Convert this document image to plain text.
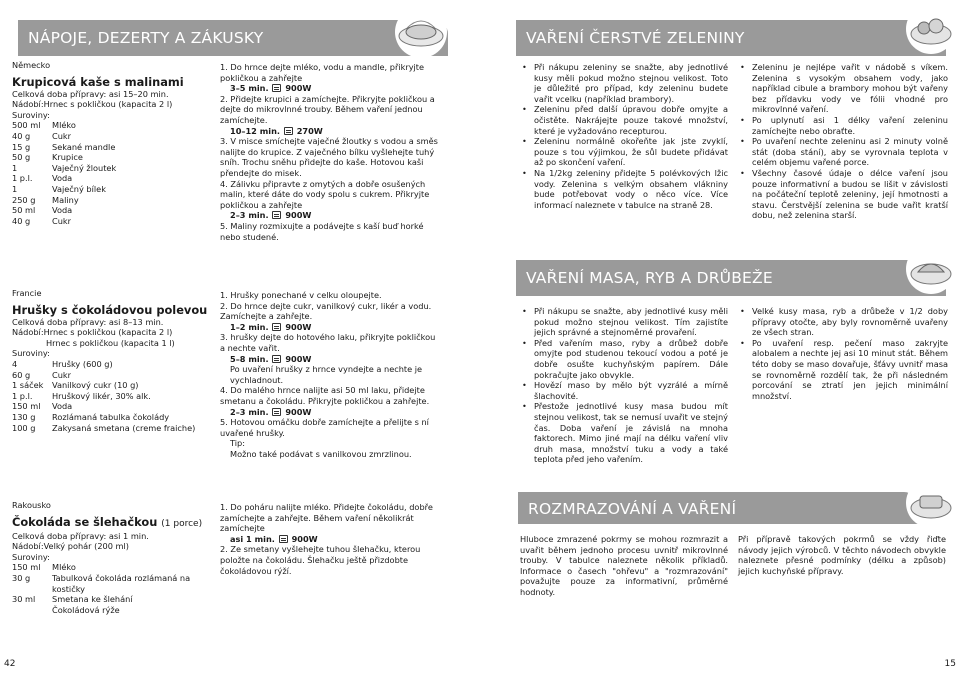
NÁPOJE, DEZERTY A ZÁKUSKY
Německo
Krupicová kaše s malinami
Celková doba přípravy: asi 15–20 min.
Nádobí:Hrnec s pokličkou (kapacita 2 l)
Suroviny:
500 ml	Mléko
40 g	Cukr
15 g	Sekané mandle
50 g	Krupice
1	Vaječný žloutek
1 p.l.	Voda
1	Vaječný bílek
250 g	Maliny
50 ml	Voda
40 g	Cukr

1. Do hrnce dejte mléko, vodu a mandle, přikryjte pokličkou a zahřejte

3–5 min.  900W

2. Přidejte krupici a zamíchejte. Přikryjte pokličkou a dejte do mikrovlnné trouby. Během vaření jednou zamíchejte.

10–12 min.  270W

3. V misce smíchejte vaječné žloutky s vodou a směs nalijte do krupice. Z vaječného bílku vyšlehejte tuhý sníh. Trochu sněhu přidejte do kaše. Hotovou kaši přendejte do misek.

4. Zálivku připravte z omytých a dobře osušených malin, které dáte do vody spolu s cukrem. Přikryjte pokličkou a zahřejte

2–3 min.  900W

5. Maliny rozmixujte a podávejte s kaší buď horké nebo studené.

Francie
Hrušky s čokoládovou polevou
Celková doba přípravy: asi 8–13 min.
Nádobí:Hrnec s pokličkou (kapacita 2 l)
Hrnec s pokličkou (kapacita 1 l)
Suroviny:
4	Hrušky (600 g)
60 g	Cukr
1 sáček	Vanilkový cukr (10 g)
1 p.l.	Hruškový likér, 30% alk.
150 ml	Voda
130 g	Rozlámaná tabulka čokolády
100 g	Zakysaná smetana (creme fraiche)

1. Hrušky ponechané v celku oloupejte.

2. Do hrnce dejte cukr, vanilkový cukr, likér a vodu. Zamíchejte a zahřejte.

1–2 min.  900W

3. hrušky dejte do hotového laku, přikryjte pokličkou a nechte vařit.

5–8 min.  900W

Po uvaření hrušky z hrnce vyndejte a nechte je vychladnout.

4. Do malého hrnce nalijte asi 50 ml laku, přidejte smetanu a čokoládu. Přikryjte pokličkou a zahřejte.

2–3 min.  900W

5. Hotovou omáčku dobře zamíchejte a přelijte s ní uvařené hrušky.

Tip:

Možno také podávat s vanilkovou zmrzlinou.

Rakousko
Čokoláda se šlehačkou (1 porce)
Celková doba přípravy: asi 1 min.
Nádobí:Velký pohár (200 ml)
Suroviny:
150 ml	Mléko
30 g	Tabulková čokoláda rozlámaná na kostičky
30 ml	Smetana ke šlehání
Čokoládová rýže

1. Do poháru nalijte mléko. Přidejte čokoládu, dobře zamíchejte a zahřejte. Během vaření několikrát zamíchejte

asi 1 min.  900W

2. Ze smetany vyšlehejte tuhou šlehačku, kterou položte na čokoládu. Šlehačku ještě přizdobte čokoládovou rýží.

42
VAŘENÍ ČERSTVÉ ZELENINY
• Při nákupu zeleniny se snažte, aby jednotlivé kusy měli pokud možno stejnou velikost. Toto je důležité pro případ, kdy zeleninu budete vařit vcelku (například brambory).
• Zeleninu před další úpravou dobře omyjte a očistěte. Nakrájejte pouze takové množství, které je vyžadováno recepturou.
• Zeleninu normálně okořeňte jak jste zvyklí, pouze s tou výjimkou, že sůl budete přidávat až po skončení vaření.
• Na 1/2kg zeleniny přidejte 5 polévkových lžic vody. Zelenina s velkým obsahem vlákniny bude potřebovat vody o něco více. Více informací naleznete v tabulce na straně 28.
• Zeleninu je nejlépe vařit v nádobě s víkem. Zelenina s vysokým obsahem vody, jako například cibule a brambory mohou být vařeny bez přídavku vody ve fólii vhodné pro mikrovlnné vaření.
• Po uplynutí asi 1 délky vaření zeleninu zamíchejte nebo obraťte.
• Po uvaření nechte zeleninu asi 2 minuty volně stát (doba stání), aby se vyrovnala teplota v celém objemu vařené porce.
• Všechny časové údaje o délce vaření jsou pouze informativní a budou se lišit v závislosti na počáteční teplotě zeleniny, její hmotnosti a stavu. Čerstvější zelenina se bude vařit kratší dobu, než zelenina starší.
VAŘENÍ MASA, RYB A DRŮBEŽE
• Při nákupu se snažte, aby jednotlivé kusy měli pokud možno stejnou velikost. Tím zajistíte jejich správné a stejnoměrné provaření.
• Před vařením maso, ryby a drůbež dobře omyjte pod studenou tekoucí vodou a poté je dobře osušte kuchyňským papírem. Dále pokračujte jako obvykle.
• Hovězí maso by mělo být vyzrálé a mírně šlachovité.
• Přestože jednotlivé kusy masa budou mít stejnou velikost, tak se nemusí uvařit ve stejný čas. Doba vaření je závislá na mnoha faktorech. Mimo jiné mají na délku vaření vliv druh masa, množství tuku a vody a také teplota před jeho vařením.
• Velké kusy masa, ryb a drůbeže v 1/2 doby přípravy otočte, aby byly rovnoměrně uvařeny ze všech stran.
• Po uvaření resp. pečení maso zakryjte alobalem a nechte jej asi 10 minut stát. Během této doby se maso dovařuje, šťávy uvnitř masa se rovnoměrně rozdělí tak, že při následném porcování se ztratí jen jejich minimální množství.
ROZMRAZOVÁNÍ A VAŘENÍ
Hluboce zmrazené pokrmy se mohou rozmrazit a uvařit během jednoho procesu uvnitř mikrovlnné trouby. V tabulce naleznete několik příkladů. Informace o časech "ohřevu" a "rozmrazování" považujte pouze za informativní, průměrné hodnoty.
Při přípravě takových pokrmů se vždy řiďte návody jejich výrobců. V těchto návodech obvykle naleznete přesné podmínky (délku a způsob) jejich kuchyňské přípravy.
15
